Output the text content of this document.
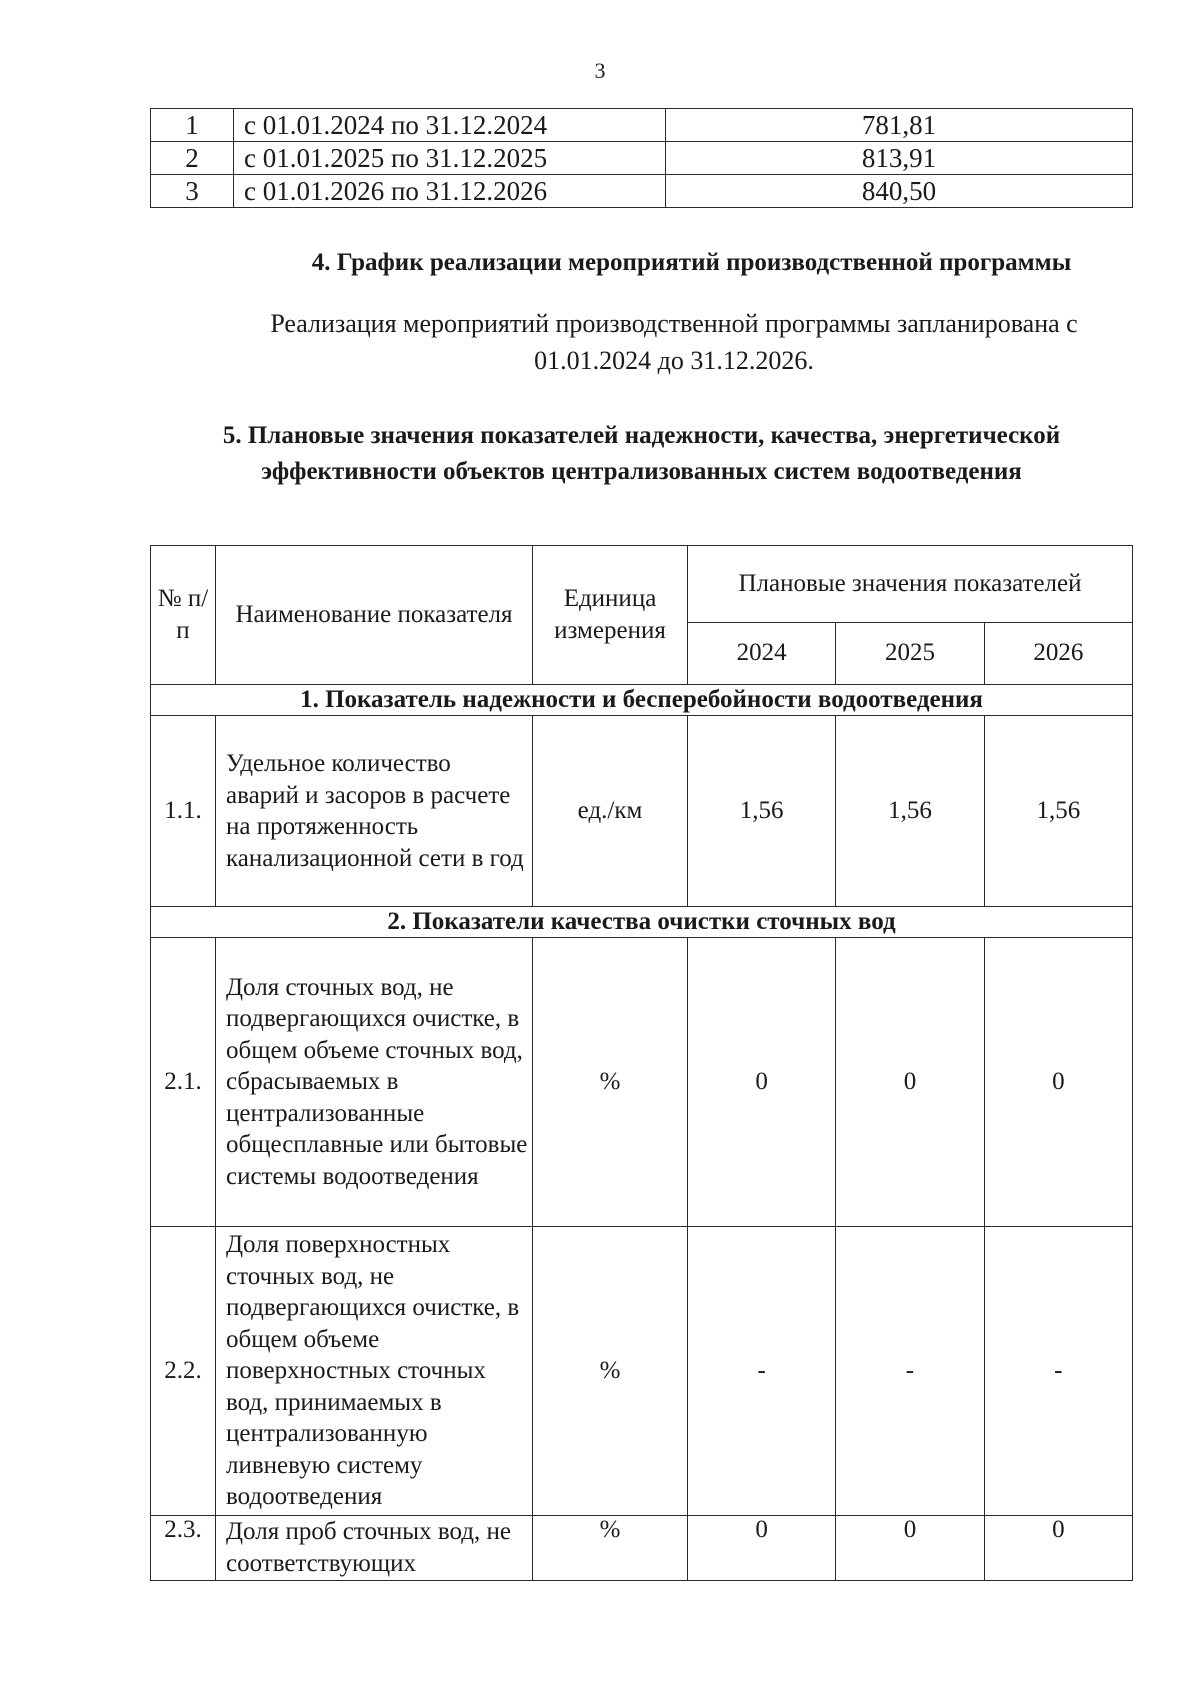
3
1	с 01.01.2024 по 31.12.2024	781,81
2	с 01.01.2025 по 31.12.2025	813,91
3	с 01.01.2026 по 31.12.2026	840,50
4. График реализации мероприятий производственной программы
Реализация мероприятий производственной программы запланирована с 01.01.2024 до 31.12.2026.
5. Плановые значения показателей надежности, качества, энергетической эффективности объектов централизованных систем водоотведения
№ п/п	Наименование показателя	Единица измерения	Плановые значения показателей		
			2024	2025	2026
1. Показатель надежности и бесперебойности водоотведения					
1.1.	Удельное количество аварий и засоров в расчете на протяженность канализационной сети в год	ед./км	1,56	1,56	1,56
2. Показатели качества очистки сточных вод					
2.1.	Доля сточных вод, не подвергающихся очистке, в общем объеме сточных вод, сбрасываемых в централизованные общесплавные или бытовые системы водоотведения	%	0	0	0
2.2.	Доля поверхностных сточных вод, не подвергающихся очистке, в общем объеме поверхностных сточных вод, принимаемых в централизованную ливневую систему водоотведения	%	-	-	-
2.3.	Доля проб сточных вод, не соответствующих	%	0	0	0
